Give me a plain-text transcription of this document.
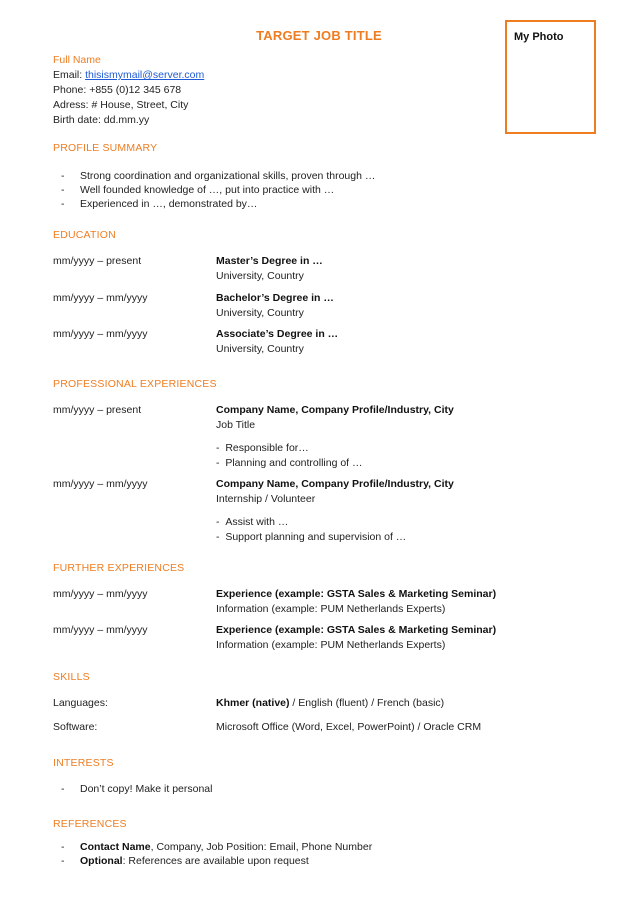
TARGET JOB TITLE	My Photo
Full Name
Email: thisismymail@server.com
Phone: +855 (0)12 345 678
Adress: # House, Street, City
Birth date: dd.mm.yy
PROFILE SUMMARY
-	Strong coordination and organizational skills, proven through …
-	Well founded knowledge of …, put into practice with …
-	Experienced in …, demonstrated by…
EDUCATION
mm/yyyy – present	Master’s Degree in …
University, Country
mm/yyyy – mm/yyyy	Bachelor’s Degree in …
University, Country
mm/yyyy – mm/yyyy	Associate’s Degree in …
University, Country
PROFESSIONAL EXPERIENCES
mm/yyyy – present	Company Name, Company Profile/Industry, City
Job Title
-  Responsible for…
-  Planning and controlling of …
mm/yyyy – mm/yyyy	Company Name, Company Profile/Industry, City
Internship / Volunteer
-  Assist with …
-  Support planning and supervision of …
FURTHER EXPERIENCES
mm/yyyy – mm/yyyy	Experience (example: GSTA Sales & Marketing Seminar)
Information (example: PUM Netherlands Experts)
mm/yyyy – mm/yyyy	Experience (example: GSTA Sales & Marketing Seminar)
Information (example: PUM Netherlands Experts)
SKILLS
Languages:	Khmer (native) / English (fluent) / French (basic)
Software:	Microsoft Office (Word, Excel, PowerPoint) / Oracle CRM
INTERESTS
-	Don’t copy! Make it personal
REFERENCES
-	Contact Name, Company, Job Position: Email, Phone Number
-	Optional: References are available upon request
